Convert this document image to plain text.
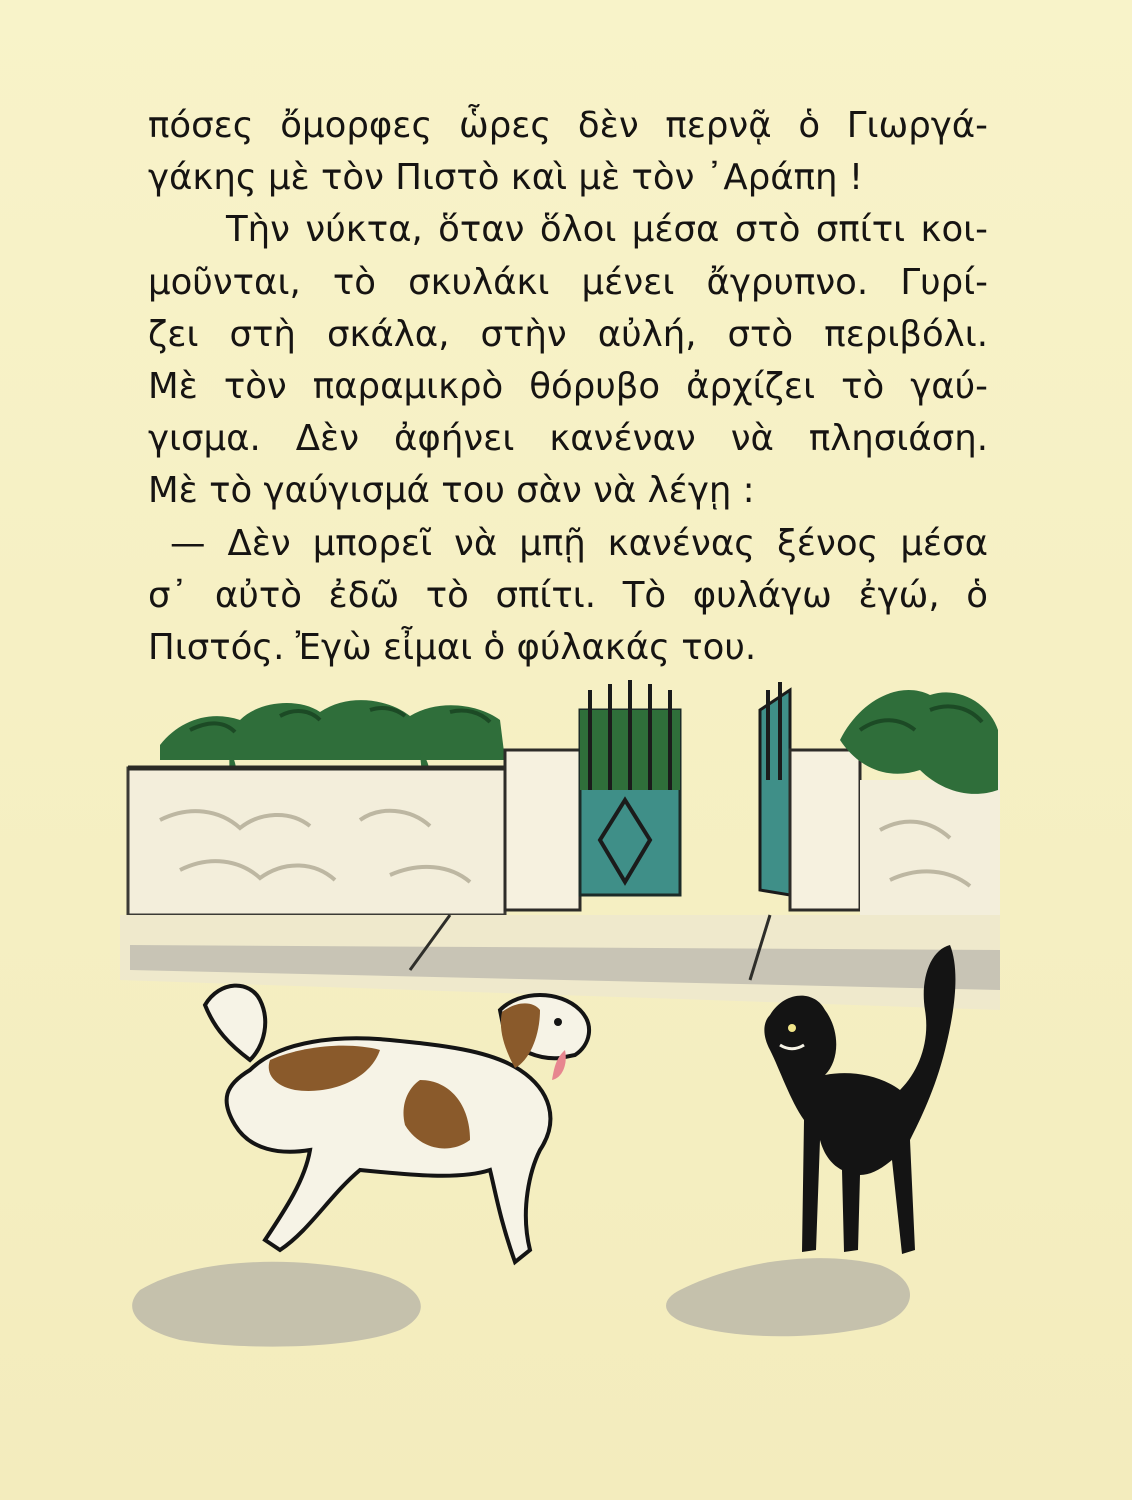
πόσες ὄμορφες ὧρες δὲν περνᾷ ὁ Γιωργά-
γάκης μὲ τὸν Πιστὸ καὶ μὲ τὸν ᾿Αράπη !
Τὴν νύκτα, ὅταν ὅλοι μέσα στὸ σπίτι κοι-
μοῦνται, τὸ σκυλάκι μένει ἄγρυπνο. Γυρί-
ζει στὴ σκάλα, στὴν αὐλή, στὸ περιβόλι.
Μὲ τὸν παραμικρὸ θόρυβο ἀρχίζει τὸ γαύ-
γισμα. Δὲν ἀφήνει κανέναν νὰ πλησιάση.
Μὲ τὸ γαύγισμά του σὰν νὰ λέγῃ :
— Δὲν μπορεῖ νὰ μπῇ κανένας ξένος μέσα
σ᾿ αὐτὸ ἐδῶ τὸ σπίτι. Τὸ φυλάγω ἐγώ, ὁ
Πιστός. Ἐγὼ εἶμαι ὁ φύλακάς του.
